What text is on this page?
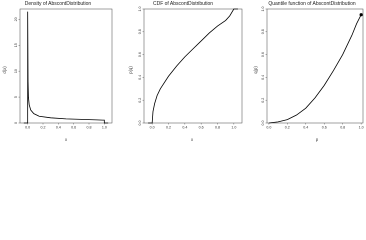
Density of AbscontDistribution
x
d(x)
0.0	0.2	0.4	0.6	0.8	1.0
0
5
10
15
20
CDF of AbscontDistribution
x
p(q)
0.0	0.2	0.4	0.6	0.8	1.0
0.0
0.2
0.4
0.6
0.8
1.0
Quantile function of AbscontDistribution
p
q(p)
0.0	0.2	0.4	0.6	0.8	1.0
0.0
0.2
0.4
0.6
0.8
1.0
